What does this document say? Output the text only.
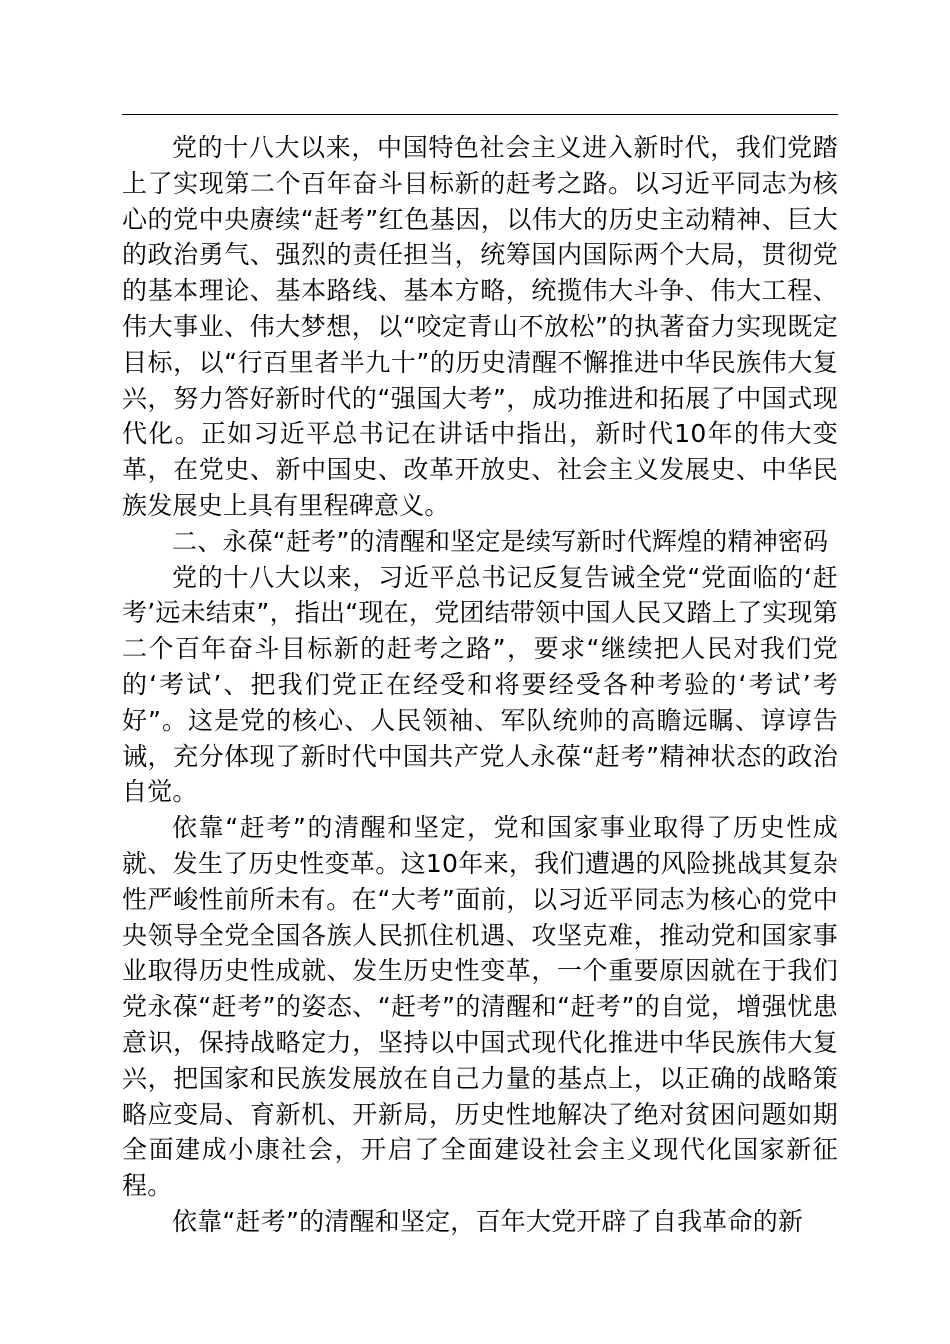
党的十八大以来，中国特色社会主义进入新时代，我们党踏上了实现第二个百年奋斗目标新的赶考之路。以习近平同志为核心的党中央赓续“赶考”红色基因，以伟大的历史主动精神、巨大的政治勇气、强烈的责任担当，统筹国内国际两个大局，贯彻党的基本理论、基本路线、基本方略，统揽伟大斗争、伟大工程、伟大事业、伟大梦想，以“咬定青山不放松”的执著奋力实现既定目标，以“行百里者半九十”的历史清醒不懈推进中华民族伟大复兴，努力答好新时代的“强国大考”，成功推进和拓展了中国式现代化。正如习近平总书记在讲话中指出，新时代10年的伟大变革，在党史、新中国史、改革开放史、社会主义发展史、中华民族发展史上具有里程碑意义。

二、永葆“赶考”的清醒和坚定是续写新时代辉煌的精神密码

党的十八大以来，习近平总书记反复告诫全党“党面临的‘赶考’远未结束”，指出“现在，党团结带领中国人民又踏上了实现第二个百年奋斗目标新的赶考之路”，要求“继续把人民对我们党的‘考试’、把我们党正在经受和将要经受各种考验的‘考试’考好”。这是党的核心、人民领袖、军队统帅的高瞻远瞩、谆谆告诫，充分体现了新时代中国共产党人永葆“赶考”精神状态的政治自觉。

依靠“赶考”的清醒和坚定，党和国家事业取得了历史性成就、发生了历史性变革。这10年来，我们遭遇的风险挑战其复杂性严峻性前所未有。在“大考”面前，以习近平同志为核心的党中央领导全党全国各族人民抓住机遇、攻坚克难，推动党和国家事业取得历史性成就、发生历史性变革，一个重要原因就在于我们党永葆“赶考”的姿态、“赶考”的清醒和“赶考”的自觉，增强忧患意识，保持战略定力，坚持以中国式现代化推进中华民族伟大复兴，把国家和民族发展放在自己力量的基点上，以正确的战略策略应变局、育新机、开新局，历史性地解决了绝对贫困问题如期全面建成小康社会，开启了全面建设社会主义现代化国家新征程。

依靠“赶考”的清醒和坚定，百年大党开辟了自我革命的新
